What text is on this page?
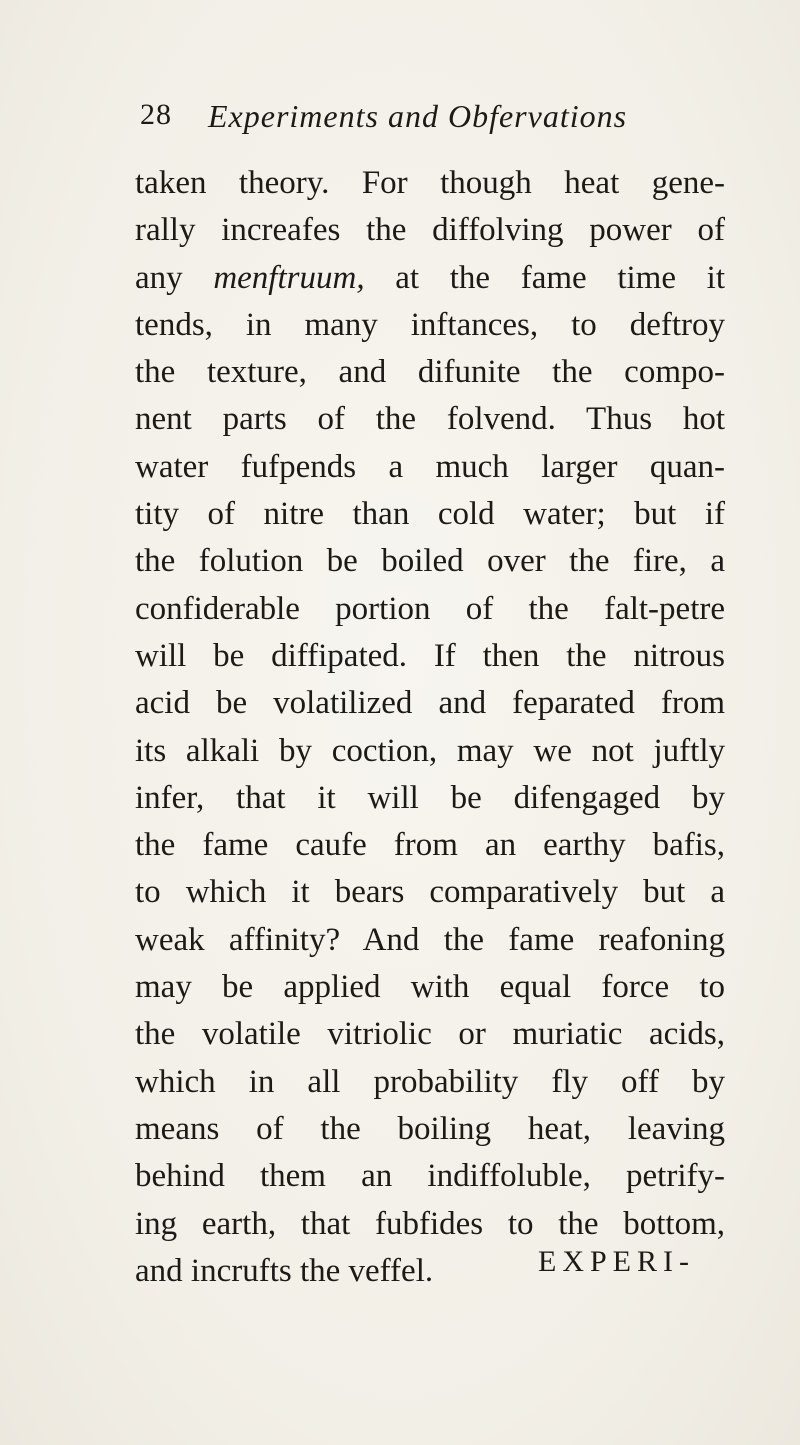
28 Experiments and Obfervations
taken theory. For though heat gene-
rally increafes the diffolving power of
any menftruum, at the fame time it
tends, in many inftances, to deftroy
the texture, and difunite the compo-
nent parts of the folvend. Thus hot
water fufpends a much larger quan-
tity of nitre than cold water; but if
the folution be boiled over the fire, a
confiderable portion of the falt-petre
will be diffipated. If then the nitrous
acid be volatilized and feparated from
its alkali by coction, may we not juftly
infer, that it will be difengaged by
the fame caufe from an earthy bafis,
to which it bears comparatively but a
weak affinity? And the fame reafoning
may be applied with equal force to
the volatile vitriolic or muriatic acids,
which in all probability fly off by
means of the boiling heat, leaving
behind them an indiffoluble, petrify-
ing earth, that fubfides to the bottom,
and incrufts the veffel.	EXPERI-
